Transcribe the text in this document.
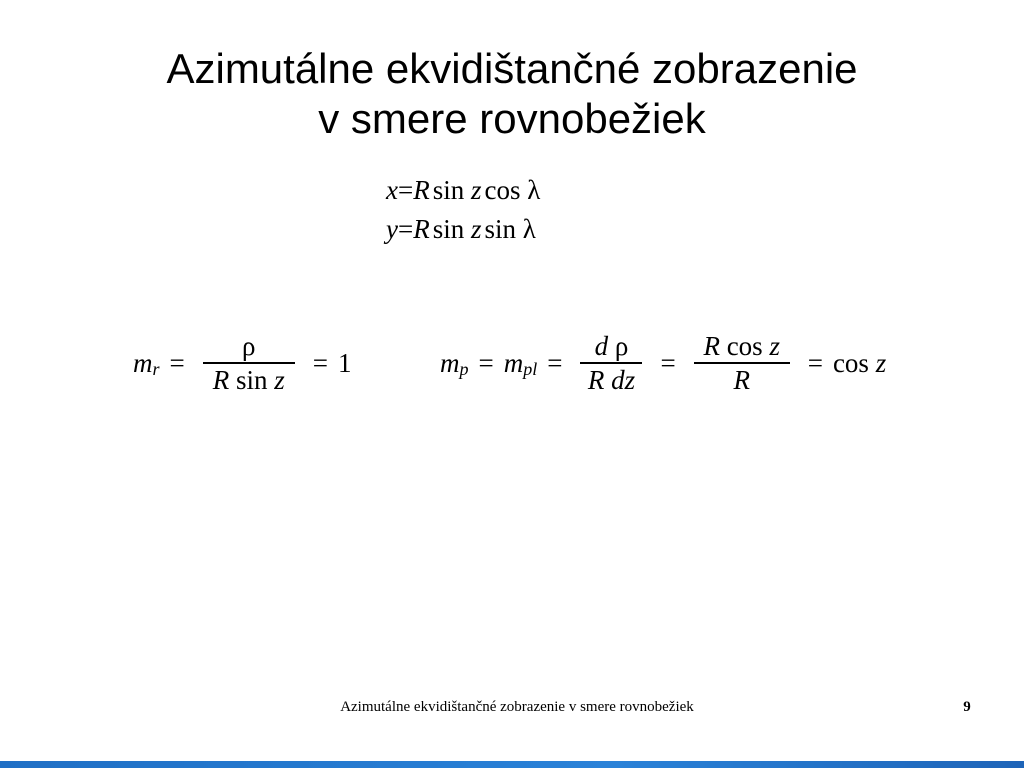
Azimutálne ekvidištančné zobrazenie
v smere rovnobežiek
x=R sin z cos λ
y=R sin z sin λ
m $r = \frac{\rho}{\text{R sin z}} = 1$	m p = m pl = $\frac{\text{d ρ}}{\text{R dz}} = \frac{\text{R cos z}}{R} = \cos$
z
Azimutálne ekvidištančné zobrazenie v smere rovnobežiek	9
